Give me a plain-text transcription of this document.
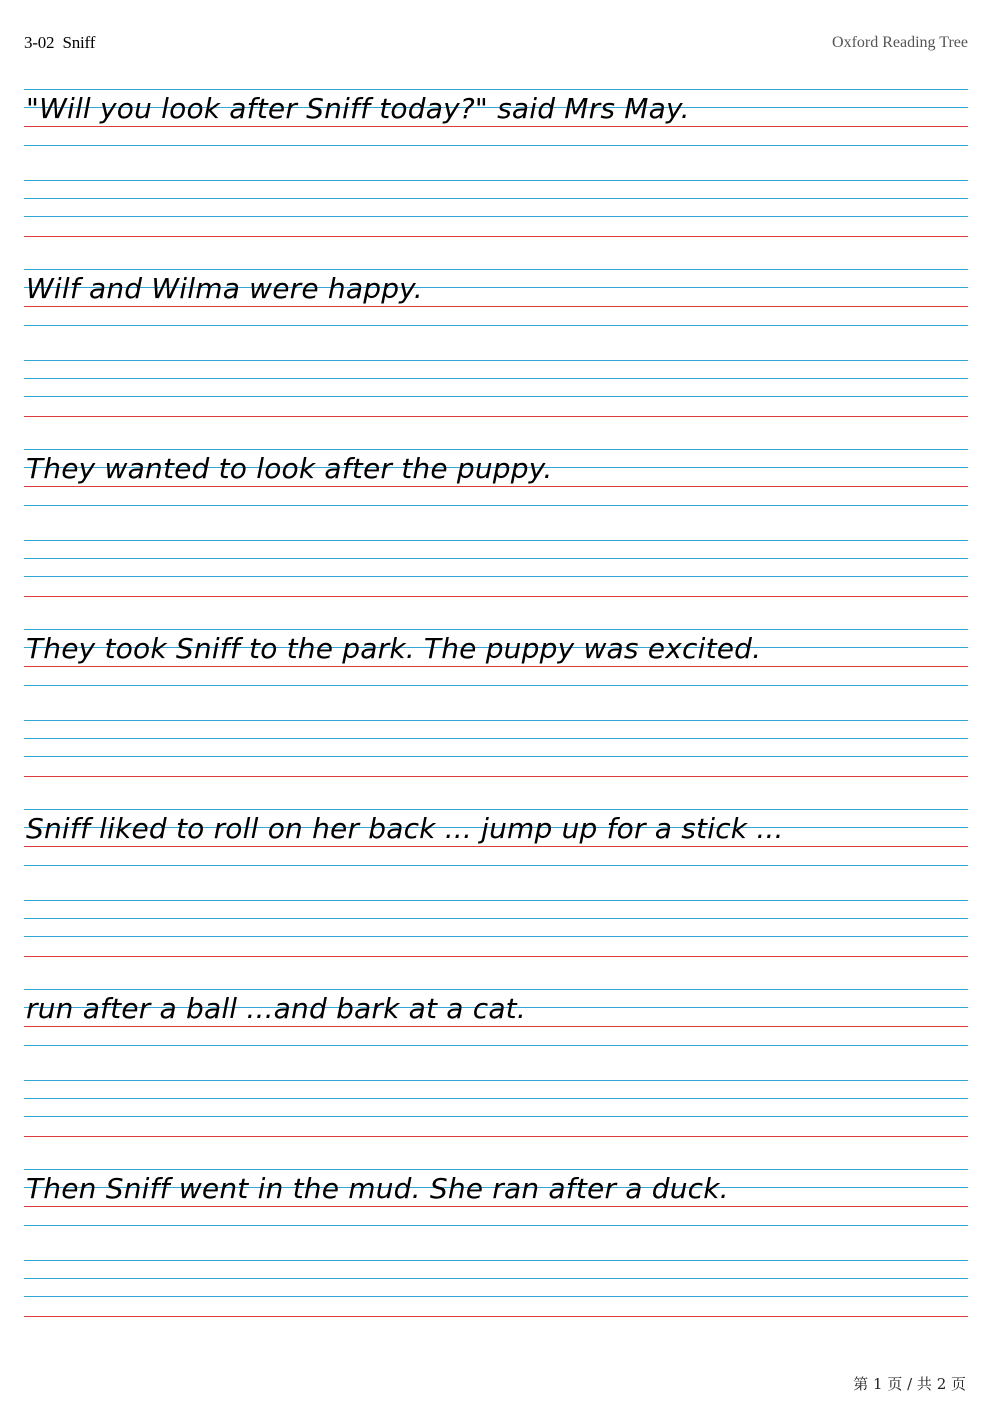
3-02  Sniff	Oxford Reading Tree
"Will you look after Sniff today?" said Mrs May.
Wilf and Wilma were happy.
They wanted to look after the puppy.
They took Sniff to the park. The puppy was excited.
Sniff liked to roll on her back ... jump up for a stick ...
run after a ball ...and bark at a cat.
Then Sniff went in the mud. She ran after a duck.
第 1 页 / 共 2 页
